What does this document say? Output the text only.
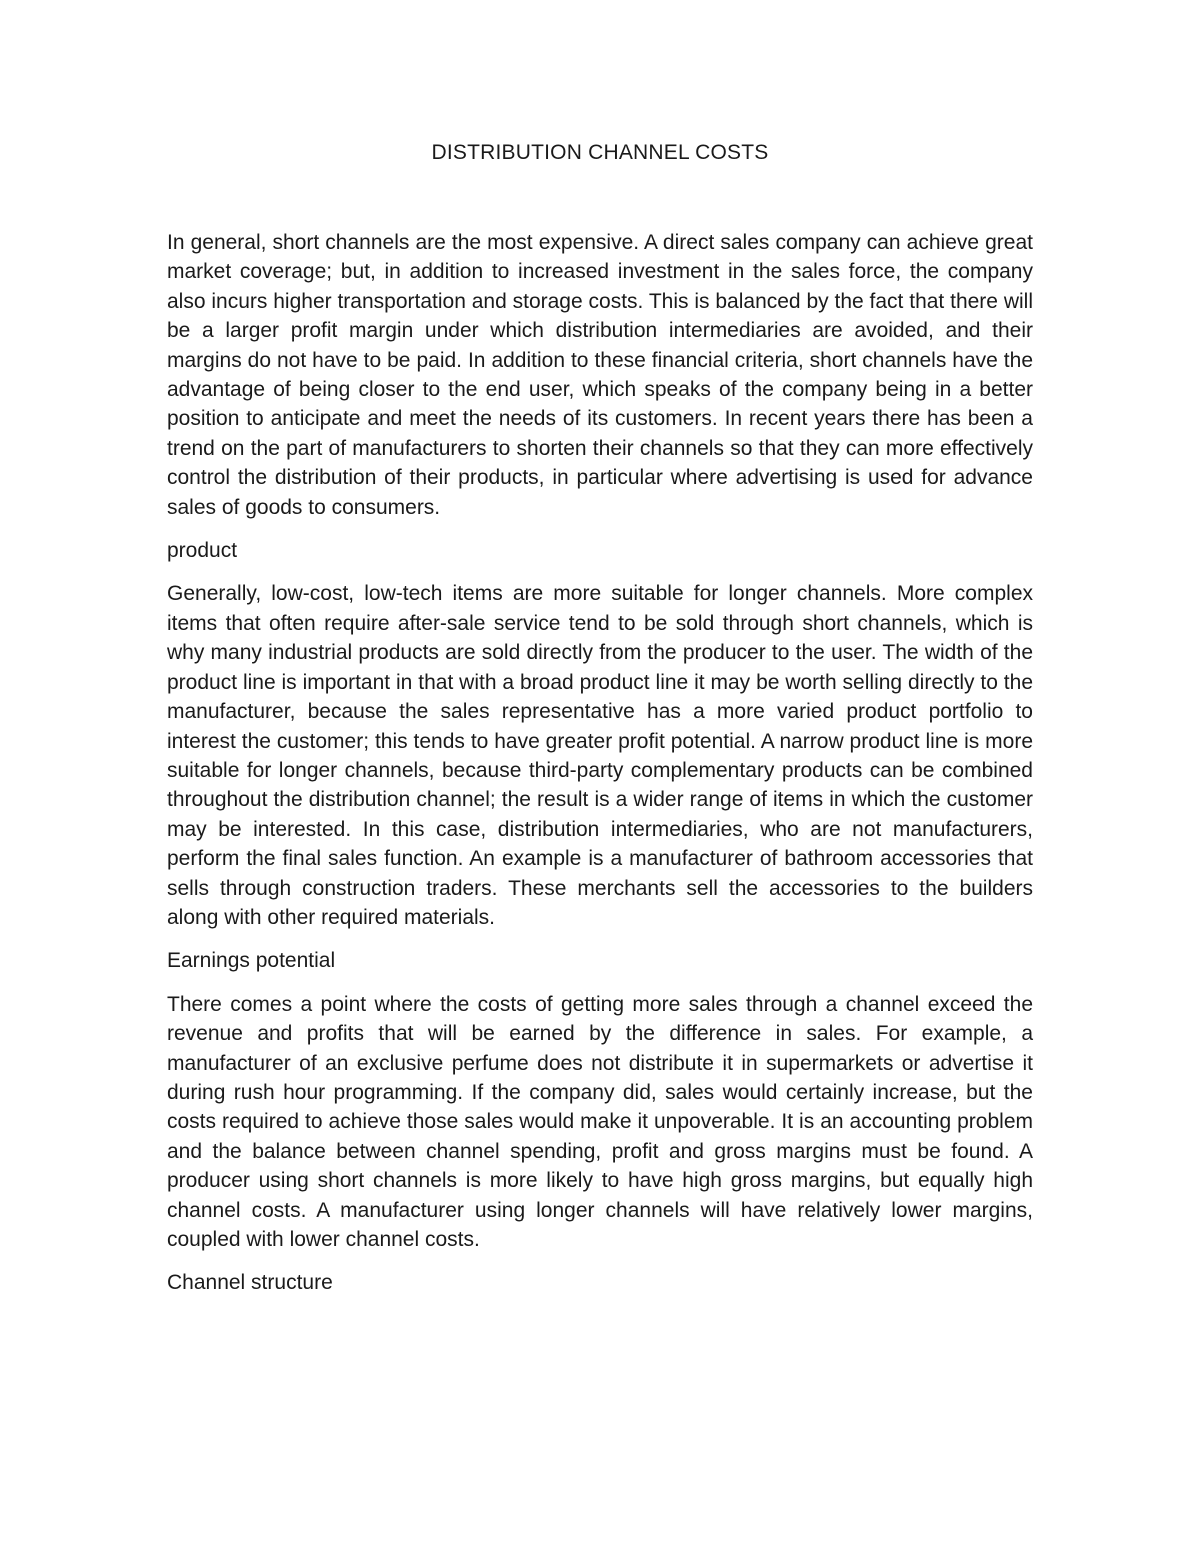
DISTRIBUTION CHANNEL COSTS

In general, short channels are the most expensive. A direct sales company can achieve great market coverage; but, in addition to increased investment in the sales force, the company also incurs higher transportation and storage costs. This is balanced by the fact that there will be a larger profit margin under which distribution intermediaries are avoided, and their margins do not have to be paid. In addition to these financial criteria, short channels have the advantage of being closer to the end user, which speaks of the company being in a better position to anticipate and meet the needs of its customers. In recent years there has been a trend on the part of manufacturers to shorten their channels so that they can more effectively control the distribution of their products, in particular where advertising is used for advance sales of goods to consumers.

product

Generally, low-cost, low-tech items are more suitable for longer channels. More complex items that often require after-sale service tend to be sold through short channels, which is why many industrial products are sold directly from the producer to the user. The width of the product line is important in that with a broad product line it may be worth selling directly to the manufacturer, because the sales representative has a more varied product portfolio to interest the customer; this tends to have greater profit potential. A narrow product line is more suitable for longer channels, because third-party complementary products can be combined throughout the distribution channel; the result is a wider range of items in which the customer may be interested. In this case, distribution intermediaries, who are not manufacturers, perform the final sales function. An example is a manufacturer of bathroom accessories that sells through construction traders. These merchants sell the accessories to the builders along with other required materials.

Earnings potential

There comes a point where the costs of getting more sales through a channel exceed the revenue and profits that will be earned by the difference in sales. For example, a manufacturer of an exclusive perfume does not distribute it in supermarkets or advertise it during rush hour programming. If the company did, sales would certainly increase, but the costs required to achieve those sales would make it unpoverable. It is an accounting problem and the balance between channel spending, profit and gross margins must be found. A producer using short channels is more likely to have high gross margins, but equally high channel costs. A manufacturer using longer channels will have relatively lower margins, coupled with lower channel costs.

Channel structure
